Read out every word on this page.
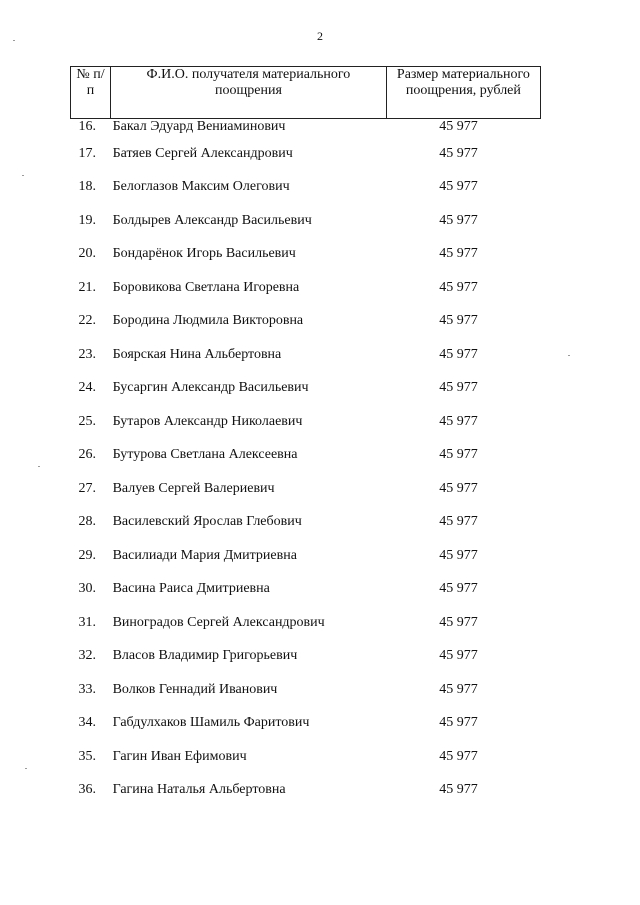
2
№ п/п	Ф.И.О. получателя материального поощрения	Размер материального поощрения, рублей
16.	Бакал Эдуард Вениаминович	45 977
17.	Батяев Сергей Александрович	45 977
18.	Белоглазов Максим Олегович	45 977
19.	Болдырев Александр Васильевич	45 977
20.	Бондарёнок Игорь Васильевич	45 977
21.	Боровикова Светлана Игоревна	45 977
22.	Бородина Людмила Викторовна	45 977
23.	Боярская Нина Альбертовна	45 977
24.	Бусаргин Александр Васильевич	45 977
25.	Бутаров Александр Николаевич	45 977
26.	Бутурова Светлана Алексеевна	45 977
27.	Валуев Сергей Валериевич	45 977
28.	Василевский Ярослав Глебович	45 977
29.	Василиади Мария Дмитриевна	45 977
30.	Васина Раиса Дмитриевна	45 977
31.	Виноградов Сергей Александрович	45 977
32.	Власов Владимир Григорьевич	45 977
33.	Волков Геннадий Иванович	45 977
34.	Габдулхаков Шамиль Фаритович	45 977
35.	Гагин Иван Ефимович	45 977
36.	Гагина Наталья Альбертовна	45 977
